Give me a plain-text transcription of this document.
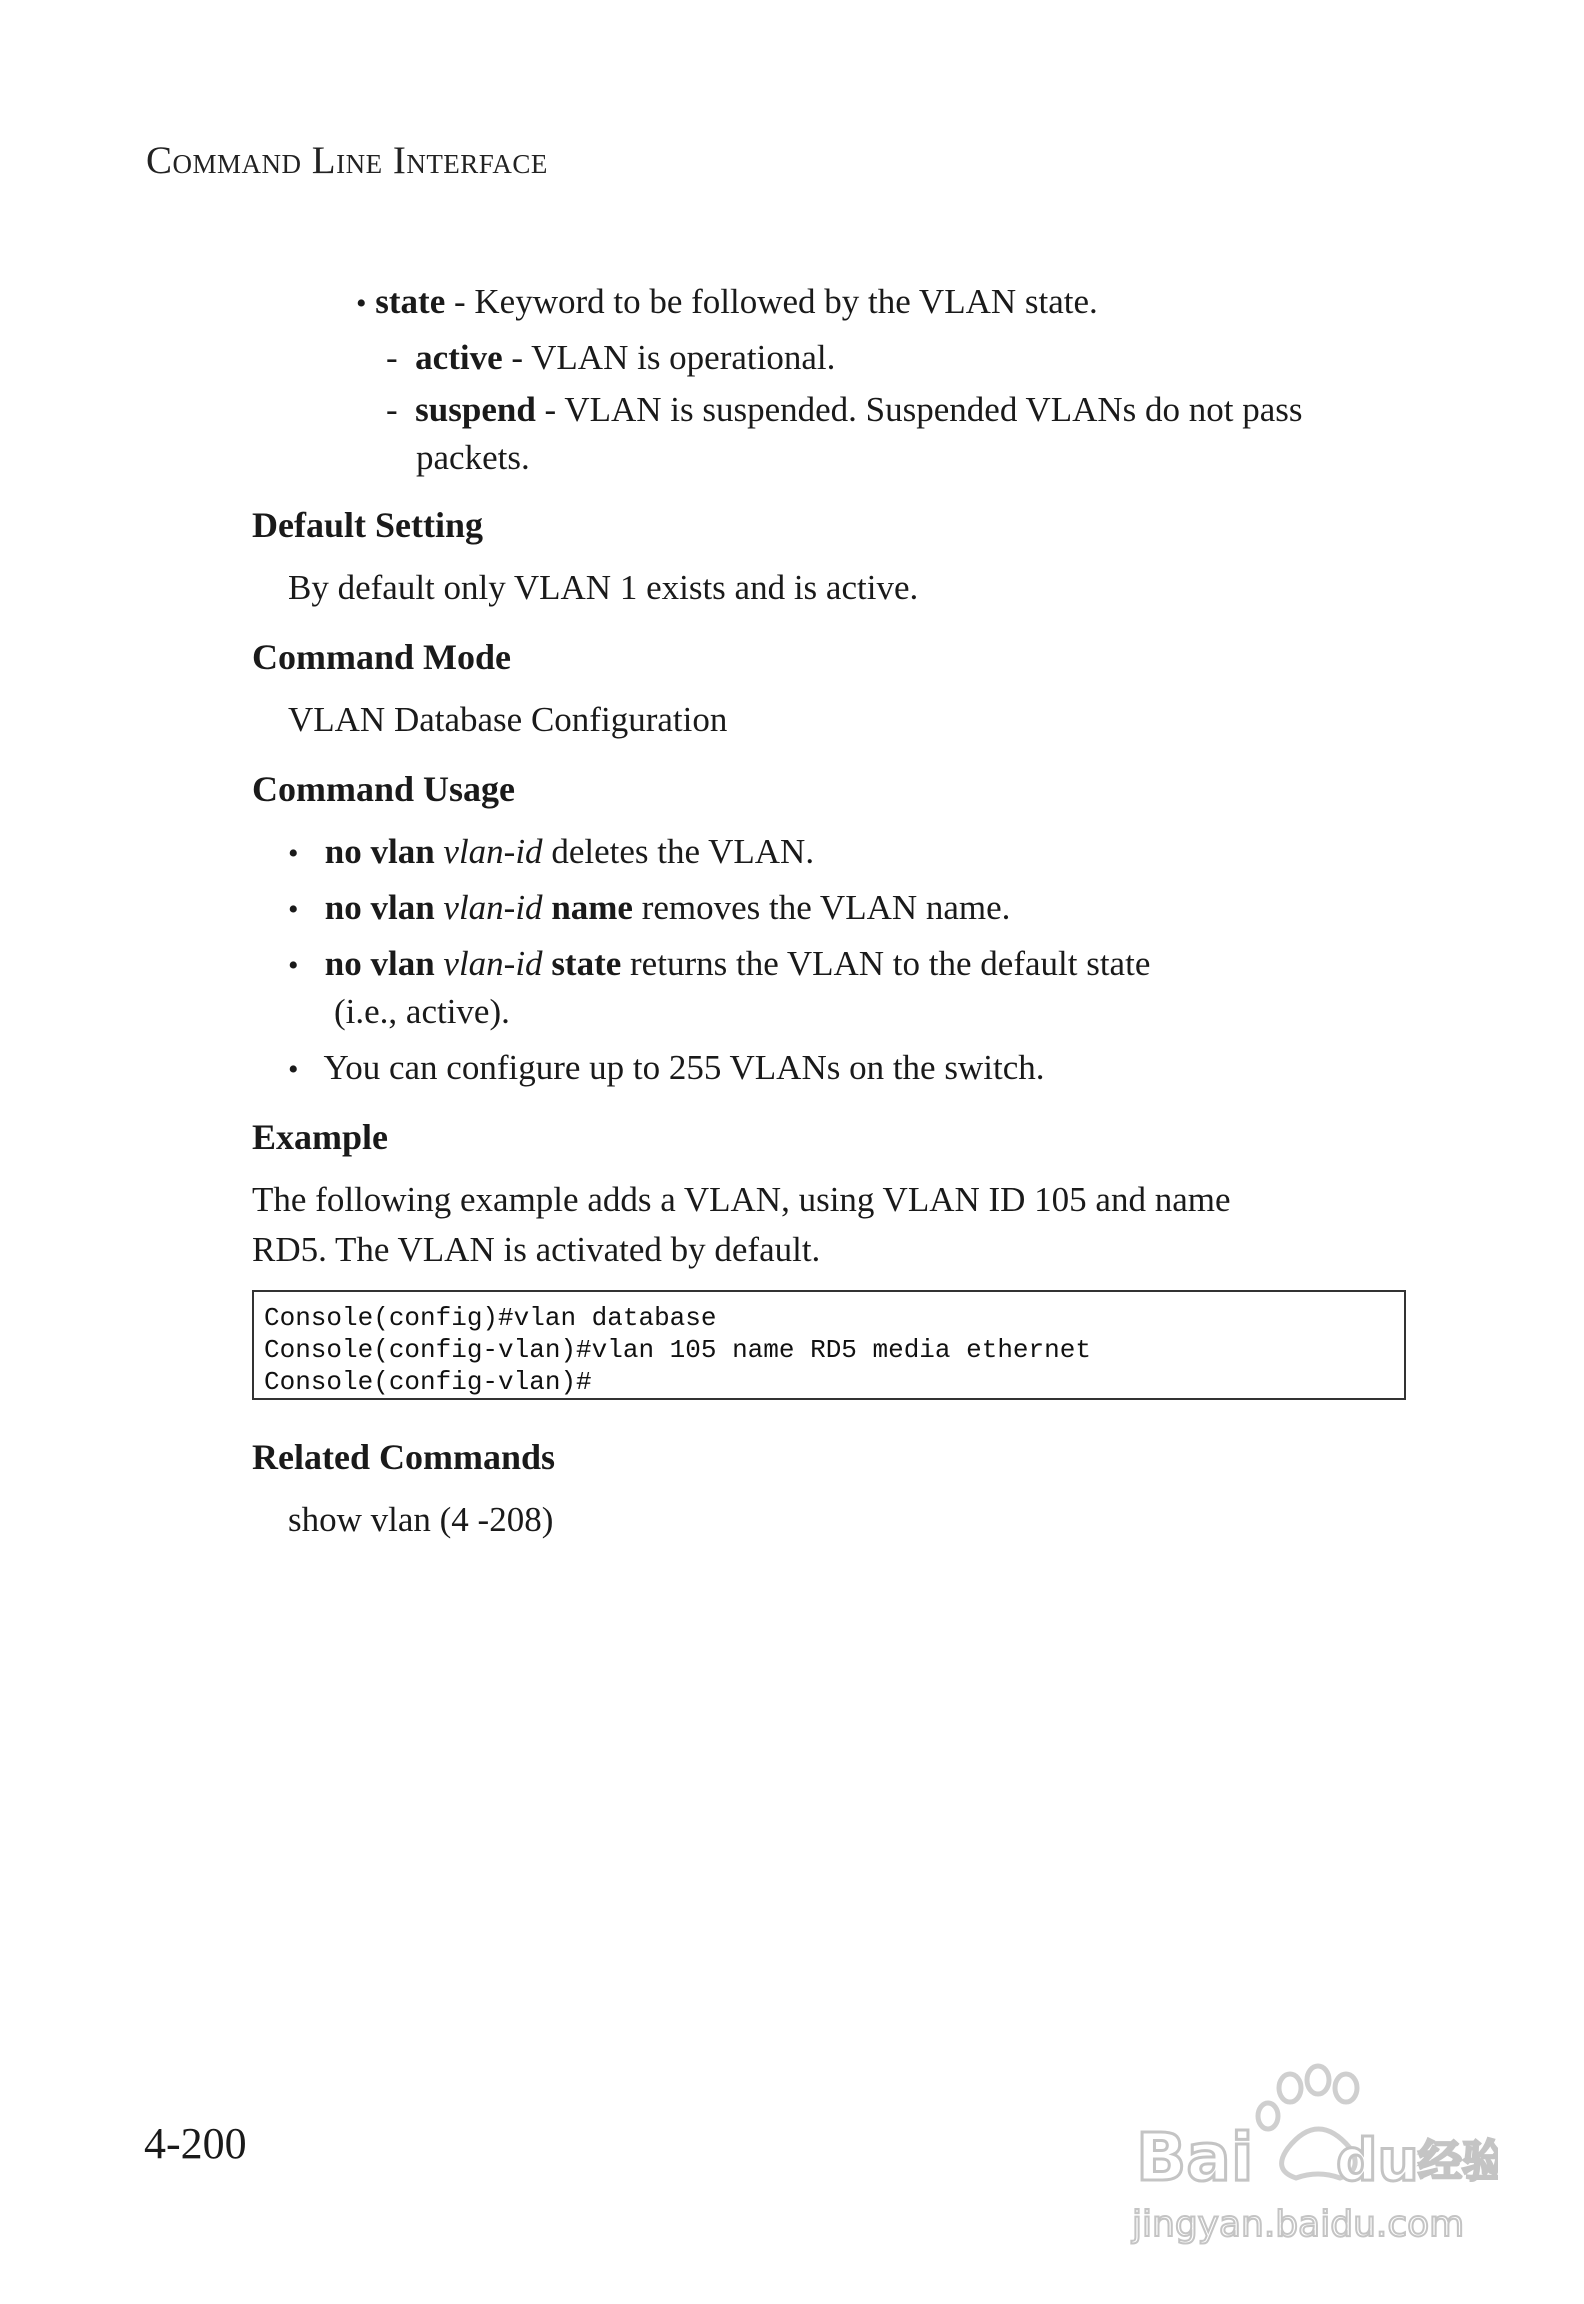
Command Line Interface
• state - Keyword to be followed by the VLAN state.
- active - VLAN is operational.
- suspend - VLAN is suspended. Suspended VLANs do not pass
packets.
Default Setting
By default only VLAN 1 exists and is active.
Command Mode
VLAN Database Configuration
Command Usage
• no vlan vlan-id deletes the VLAN.
• no vlan vlan-id name removes the VLAN name.
• no vlan vlan-id state returns the VLAN to the default state
(i.e., active).
• You can configure up to 255 VLANs on the switch.
Example
The following example adds a VLAN, using VLAN ID 105 and name
RD5. The VLAN is activated by default.
Console(config)#vlan database
Console(config-vlan)#vlan 105 name RD5 media ethernet
Console(config-vlan)#
Related Commands
show vlan (4 -208)
4-200	Bai du 经验
jingyan.baidu.com
